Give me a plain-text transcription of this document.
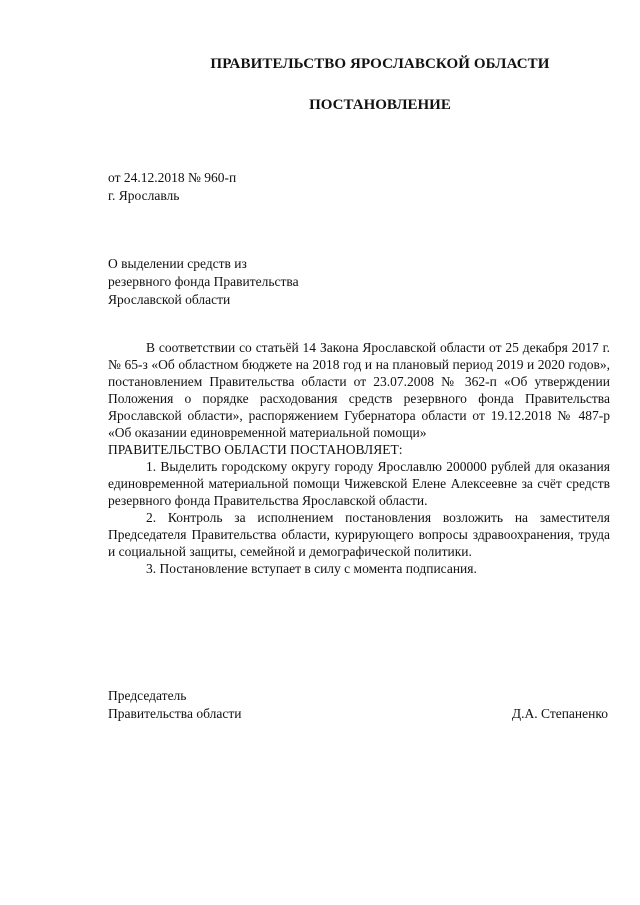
ПРАВИТЕЛЬСТВО ЯРОСЛАВСКОЙ ОБЛАСТИ
ПОСТАНОВЛЕНИЕ
от 24.12.2018 № 960-п
г. Ярославль
О выделении средств из
резервного фонда Правительства
Ярославской области

В соответствии со статьёй 14 Закона Ярославской области от 25 декабря 2017 г. № 65-з «Об областном бюджете на 2018 год и на плановый период 2019 и 2020 годов», постановлением Правительства области от 23.07.2008 № 362-п «Об утверждении Положения о порядке расходования средств резервного фонда Правительства Ярославской области», распоряжением Губернатора области от 19.12.2018 № 487-р «Об оказании единовременной материальной помощи»

ПРАВИТЕЛЬСТВО ОБЛАСТИ ПОСТАНОВЛЯЕТ:

1. Выделить городскому округу городу Ярославлю 200000 рублей для оказания единовременной материальной помощи Чижевской Елене Алексеевне за счёт средств резервного фонда Правительства Ярославской области.

2. Контроль за исполнением постановления возложить на заместителя Председателя Правительства области, курирующего вопросы здравоохранения, труда и социальной защиты, семейной и демографической политики.

3. Постановление вступает в силу с момента подписания.

Председатель
Правительства области	Д.А. Степаненко
